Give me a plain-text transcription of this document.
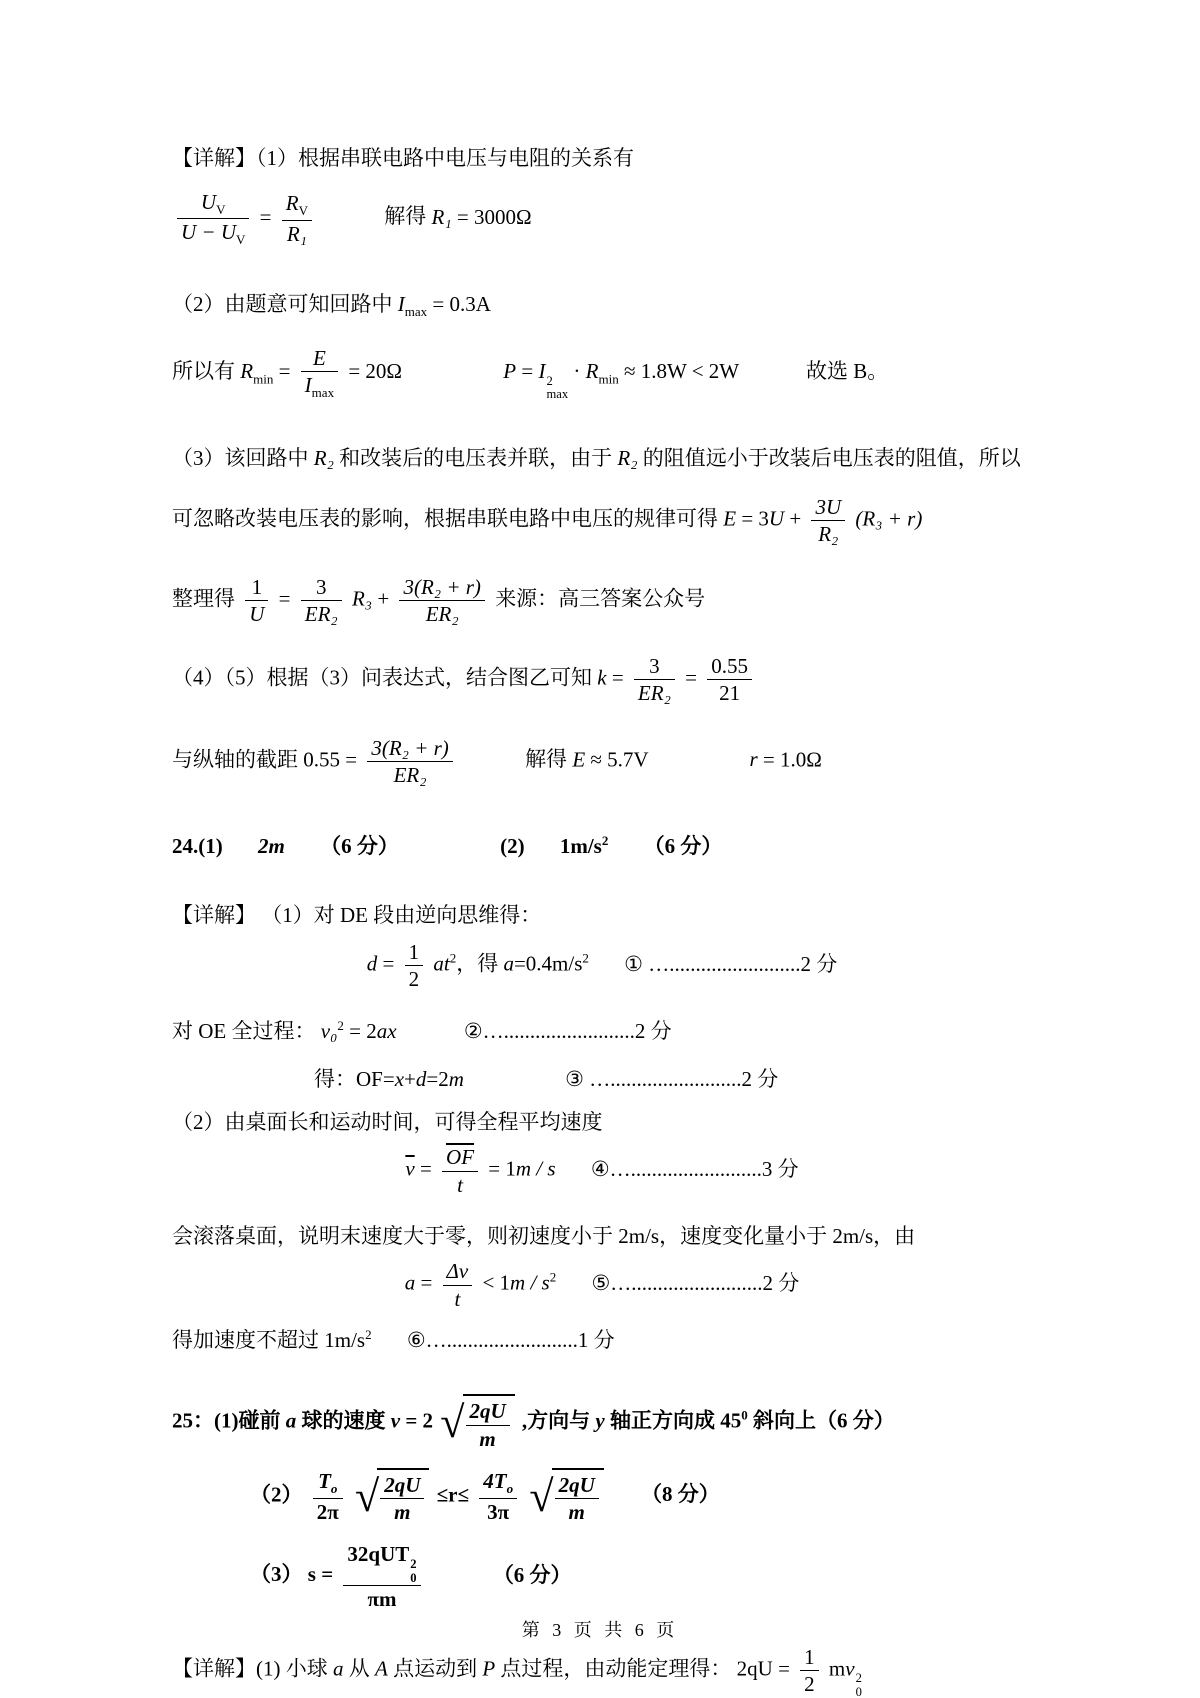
【详解】（1）根据串联电路中电压与电阻的关系有
$\frac{U_V}{U - U_V} = \frac{R_V}{\text{R₁}}$	解得 R₁ = 3000Ω
（2）由题意可知回路中 $I_{max} = 0.3A$
所以有 $R_{min} = \frac{E}{I_{max}} = 20\Omega$	P = I 2
max
· $R_{min} \approx 1.8W < 2W$	故选 B。
（3）该回路中 R₂ 和改装后的电压表并联，由于 R₂ 的阻值远小于改装后电压表的阻值，所以
可忽略改装电压表的影响，根据串联电路中电压的规律可得 $E = 3U + \frac{3U}{\text{R₂}} (R_3 + r)$
整理得 $\frac{1}{U} = \frac{3}{\text{ER₂}} R_3 + \frac{\text{3(R₂ + r)}}{\text{ER₂}}$ 来源：高三答案公众号
（4）（5）根据（3）问表达式，结合图乙可知 $k = \frac{3}{\text{ER₂}} = \frac{0.55}{21}$
与纵轴的截距 $0.55 = \frac{\text{3(R₂ + r)}}{\text{ER₂}}$	解得 E ≈ 5.7V	r = 1.0Ω
24.(1) 2m （6 分）	(2) $1m/s^2$ （6 分）
【详解】 （1）对 DE 段由逆向思维得：
$d = \frac{1}{2} at^2$，得 $a=0.4m/s^2$ ① ….........................2 分
对 OE 全过程： v₀$^2$ = 2ax	②….........................2 分
得：OF=x+d=2m	③ ….........................2 分
（2）由桌面长和运动时间，可得全程平均速度
$\overline{v} = \frac{\overline{OF}}{t} = 1m / s$ ④….........................3 分
会滚落桌面，说明末速度大于零，则初速度小于 2m/s，速度变化量小于 2m/s，由
$a = \frac{\Delta v}{t} < 1m / s^2$ ⑤….........................2 分
得加速度不超过 $1m/s^2$ ⑥….........................1 分
25：(1)碰前 a 球的速度 v = 2 √ $\frac{2qU}{m}$ ,方向与 y 轴正方向成 $45^0$ 斜向上（6 分）
$(2) \frac{T_o}{2\pi}$
√ $\frac{2qU}{m} \le r\le \frac{4T_o}{3\pi}$
√ $\frac{2qU}{m} (8$ 分）
（3） s = 32qUT 2
0
πm	（6 分）
【详解】(1) 小球 a 从 A 点运动到 P 点过程，由动能定理得： $2qU = \frac{1}{2}$ mv 2
0
第 3 页 共 6 页
